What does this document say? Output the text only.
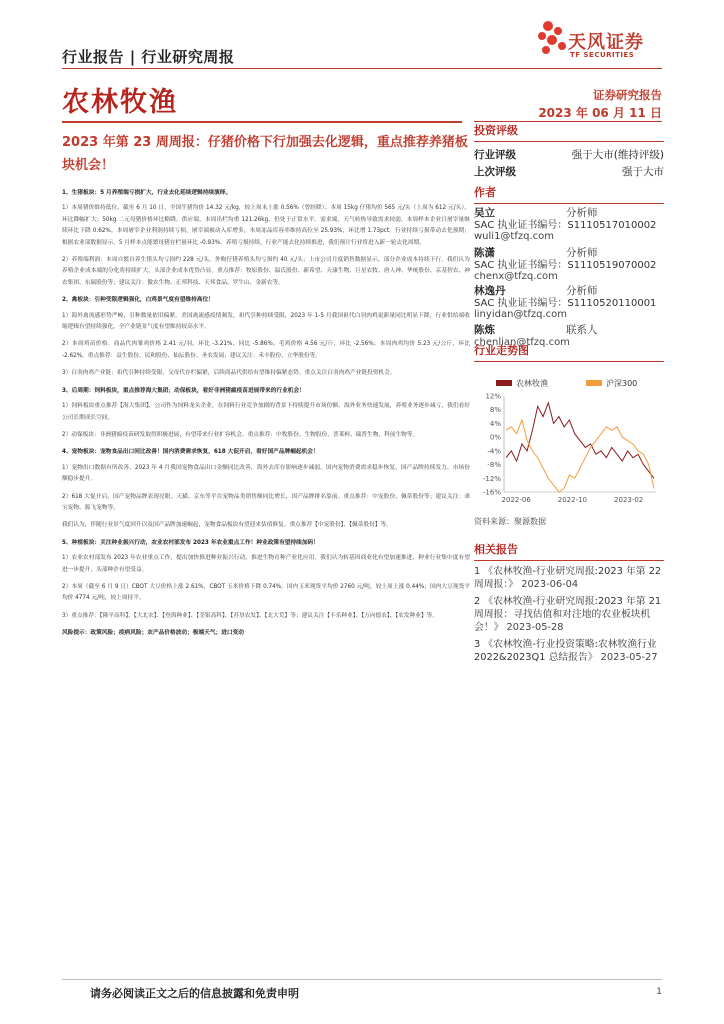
行业报告 | 行业研究周报
天风证券
TF SECURITIES
农林牧渔	证券研究报告
2023 年 06 月 11 日
2023 年第 23 周周报：仔猪价格下行加强去化逻辑，重点推荐养猪板块机会！
1、生猪板块：5 月养殖端亏损扩大，行业去化延续逻辑持续演绎。
1）本周猪价维持低位。截至 6 月 10 日，全国生猪均价 14.32 元/kg，较上周末上涨 0.56%（曾经降）；本周 15kg 仔猪均价 565 元/头（上周为 612 元/头），环比降幅扩大；50kg 二元母猪价格环比略降。供应端，本周出栏均重 121.26kg，仍处于正常水平。需求端，天气转热导致需求较弱，本周样本企业日屠宰量继续环比下降 0.62%。本周屠宰企业利润持续亏损，屠宰端被动入库增多，本周冻品库容率维持高位至 25.93%，环比增 1.73pct。行业持续亏损带动去化预期；根据农业部数据显示，5 月样本点能繁母猪存栏量环比 -0.93%，养殖亏损持续，行业产能去化持续推进，我们预计行业将进入新一轮去化周期。
2）养殖端利润：本周自繁自养生猪头均亏损约 228 元/头，外购仔猪养殖头均亏损约 40 元/头；上市公司月度销售数据显示，部分企业成本持续下行。我们认为养殖企业成本端的分化将持续扩大，头部企业成本优势凸显。重点推荐：牧原股份、温氏股份、新希望、天康生物、巨星农牧、唐人神、华统股份、京基智农、神农集团、东瑞股份等；建议关注：傲农生物、正邦科技、天邦食品、罗牛山、金新农等。
2、禽板块：引种受限逻辑强化，白鸡景气度有望维持高位！
1）海外禽流感形势严峻，引种数量依旧偏紧。美国禽流感疫情频发，祖代引种持续受限，2023 年 1-5 月我国祖代白羽肉鸡更新量同比明显下降，行业供给端收缩逻辑有望持续强化，全产业链景气度有望维持较高水平。
2）本周鸡苗价格：商品代肉雏鸡价格 2.41 元/羽，环比 -3.21%，同比 -5.86%；毛鸡价格 4.56 元/斤，环比 -2.56%；本周肉鸡均价 5.23 元/公斤，环比 -2.62%。重点推荐：益生股份、民和股份、仙坛股份、圣农发展；建议关注：禾丰股份、立华股份等。
3）白羽肉鸡产业链：祖代引种持续受限，父母代存栏偏紧，后续商品代供给有望维持偏紧态势。重点关注白羽肉鸡产业链投资机会。
3、后周期：饲料板块，重点推荐海大集团；动保板块，看好非洲猪瘟疫苗进展带来的行业机会！
1）饲料板块重点推荐【海大集团】，公司作为饲料龙头企业，在饲料行业竞争加剧的背景下持续提升市场份额，海外业务快速发展，养殖业务逐步减亏，我们看好公司长期成长空间。
2）动保板块：非洲猪瘟疫苗研发取得积极进展，有望带来行业扩容机会。重点推荐：中牧股份、生物股份、普莱柯、瑞普生物、科前生物等。
4、宠物板块：宠物食品出口同比改善！国内消费需求恢复，618 大促开启，看好国产品牌崛起机会！
1）宠物出口数据有所改善。2023 年 4 月我国宠物食品出口金额同比改善，海外去库存影响逐步减弱。国内宠物消费需求稳步恢复，国产品牌持续发力，市场份额稳步提升。
2）618 大促开启，国产宠物品牌表现亮眼。天猫、京东等平台宠物品类销售额同比增长，国产品牌排名靠前。重点推荐：中宠股份、佩蒂股份等；建议关注：乖宝宠物、源飞宠物等。
我们认为，伴随行业景气度回升以及国产品牌加速崛起，宠物食品板块有望迎来估值修复。重点推荐【中宠股份】、【佩蒂股份】等。
5、种植板块：关注种业振兴行动，农业农村部发布 2023 年农业重点工作！种业政策有望持续加码！
1）农业农村部发布 2023 年农业重点工作，提出加快推进种业振兴行动，推进生物育种产业化应用。我们认为转基因商业化有望加速推进，种业行业集中度有望进一步提升，头部种企有望受益。
2）本周（截至 6 月 9 日）CBOT 大豆价格上涨 2.61%，CBOT 玉米价格下降 0.74%。国内玉米现货平均价 2760 元/吨，较上周上涨 0.44%；国内大豆现货平均价 4774 元/吨，较上周持平。
3）重点推荐：【隆平高科】、【大北农】、【登海种业】、【荃银高科】、【苏垦农发】、【北大荒】等；建议关注【丰乐种业】、【万向德农】、【农发种业】等。
风险提示：政策风险；疫病风险；农产品价格波动；极端天气；进口变动
投资评级
行业评级	强于大市(维持评级)
上次评级	强于大市
作者
吴立	分析师
SAC 执业证书编号：S1110517010002
wuli1@tfzq.com
陈潇	分析师
SAC 执业证书编号：S1110519070002
chenx@tfzq.com
林逸丹	分析师
SAC 执业证书编号：S1110520110001
linyidan@tfzq.com
陈炼	联系人
chenlian@tfzq.com
行业走势图
农林牧渔	沪深300
12%
8%
4%
0%
-4%
-8%
-12%
-16%
2022-06	2022-10	2023-02
资料来源：聚源数据
相关报告
1 《农林牧渔-行业研究周报:2023 年第 22 周周报：》 2023-06-04
2 《农林牧渔-行业研究周报:2023 年第 21 周周报：寻找估值和对注地的农业板块机会！》 2023-05-28
3 《农林牧渔-行业投资策略:农林牧渔行业 2022&2023Q1 总结报告》 2023-05-27
请务必阅读正文之后的信息披露和免责申明	1
